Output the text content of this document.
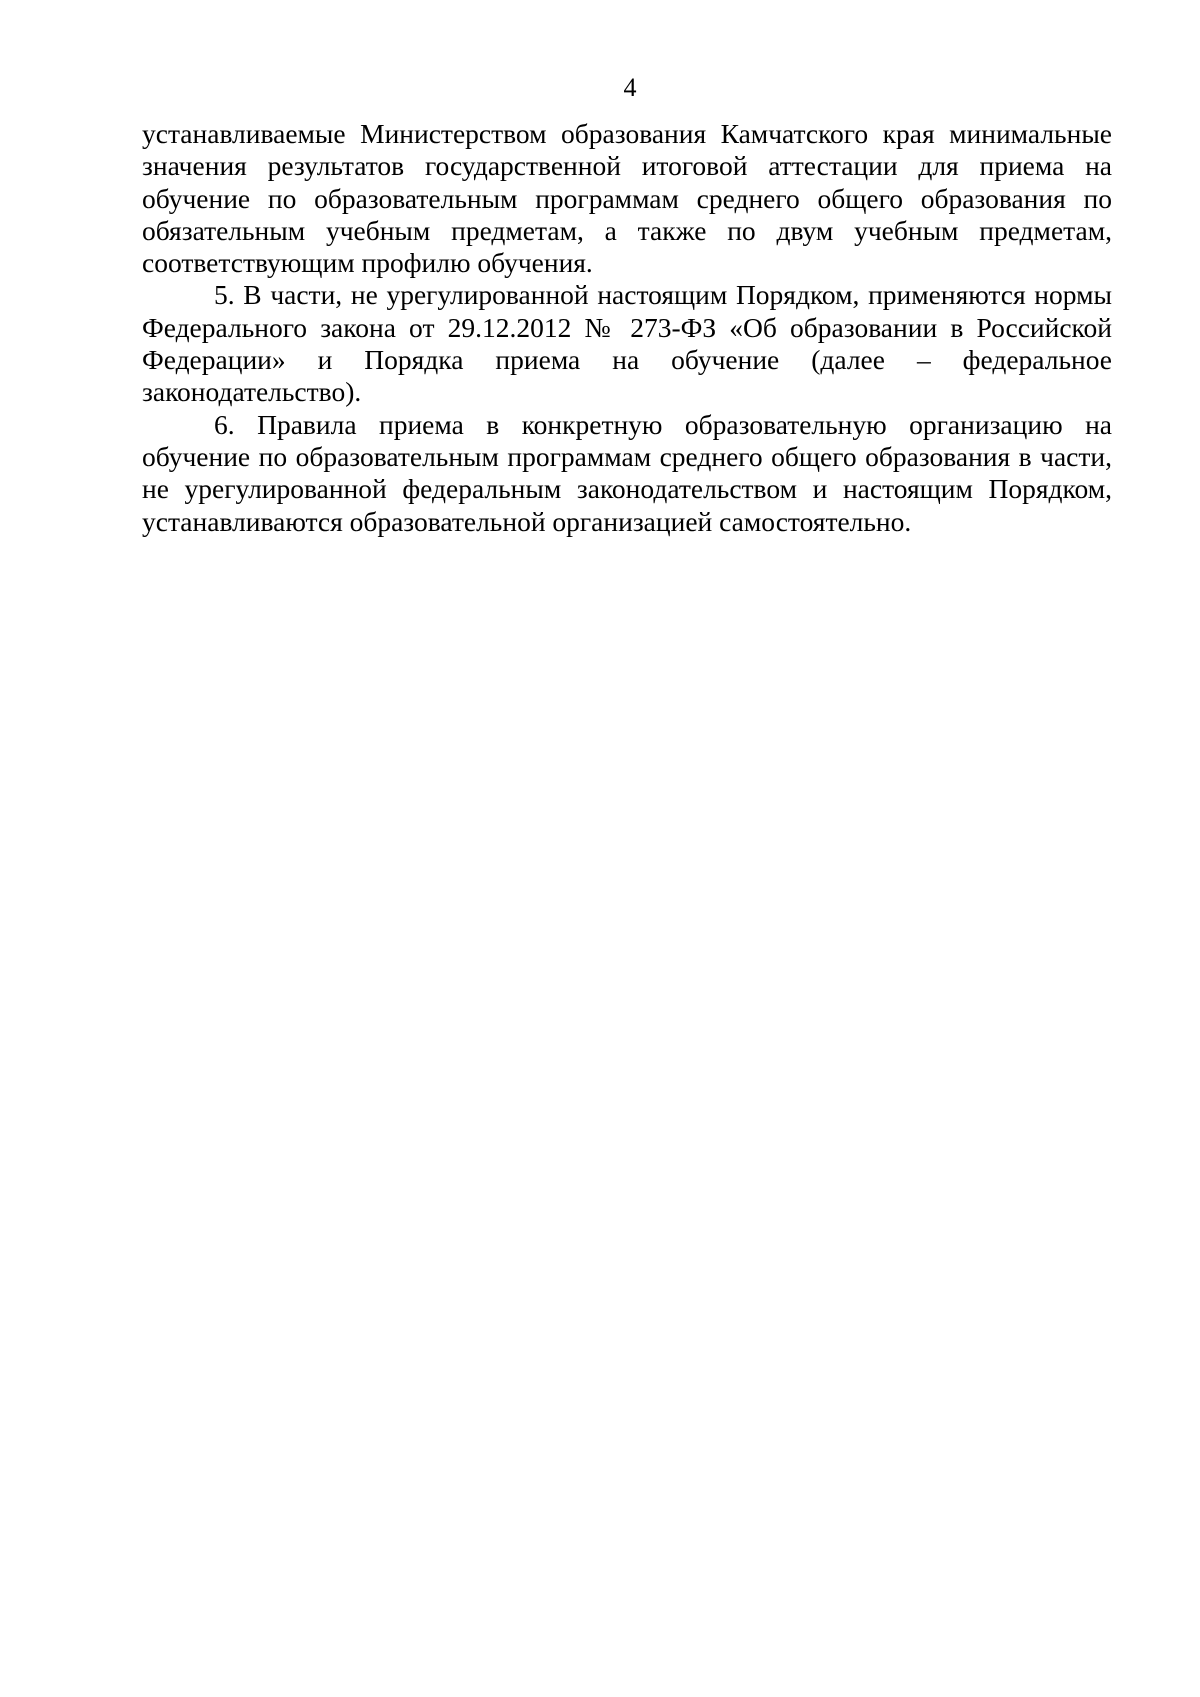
4

устанавливаемые Министерством образования Камчатского края минимальные значения результатов государственной итоговой аттестации для приема на обучение по образовательным программам среднего общего образования по обязательным учебным предметам, а также по двум учебным предметам, соответствующим профилю обучения.

5. В части, не урегулированной настоящим Порядком, применяются нормы Федерального закона от 29.12.2012 № 273-ФЗ «Об образовании в Российской Федерации» и Порядка приема на обучение (далее – федеральное законодательство).

6. Правила приема в конкретную образовательную организацию на обучение по образовательным программам среднего общего образования в части, не урегулированной федеральным законодательством и настоящим Порядком, устанавливаются образовательной организацией самостоятельно.
